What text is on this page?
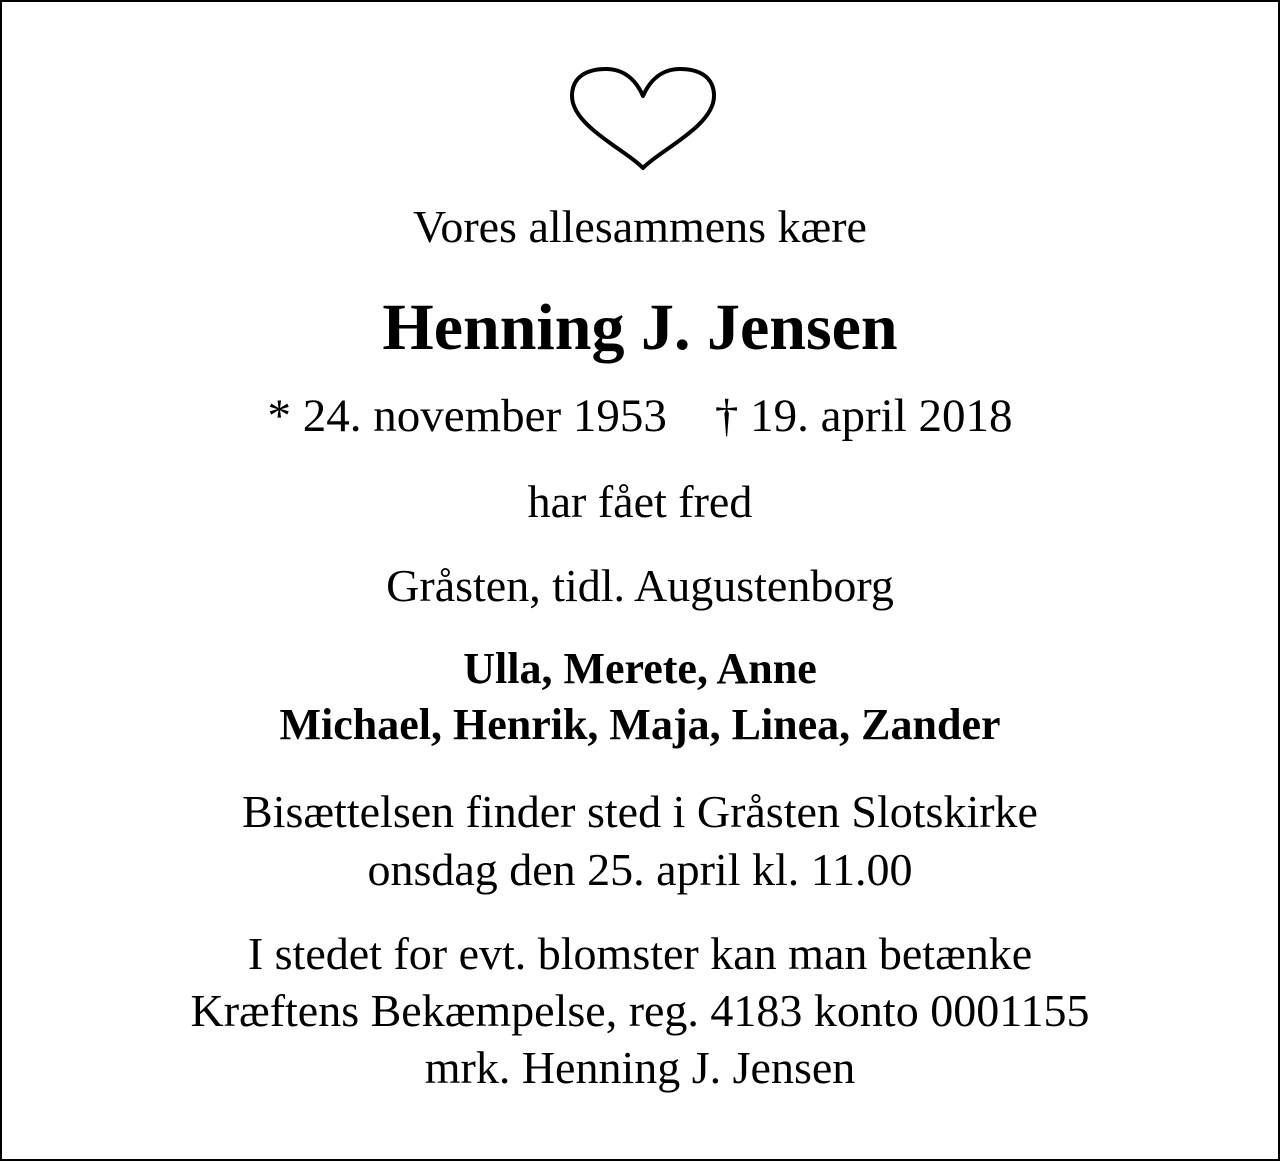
Vores allesammens kære
Henning J. Jensen
* 24. november 1953 † 19. april 2018
har fået fred
Gråsten, tidl. Augustenborg
Ulla, Merete, Anne
Michael, Henrik, Maja, Linea, Zander
Bisættelsen finder sted i Gråsten Slotskirke
onsdag den 25. april kl. 11.00
I stedet for evt. blomster kan man betænke
Kræftens Bekæmpelse, reg. 4183 konto 0001155
mrk. Henning J. Jensen
